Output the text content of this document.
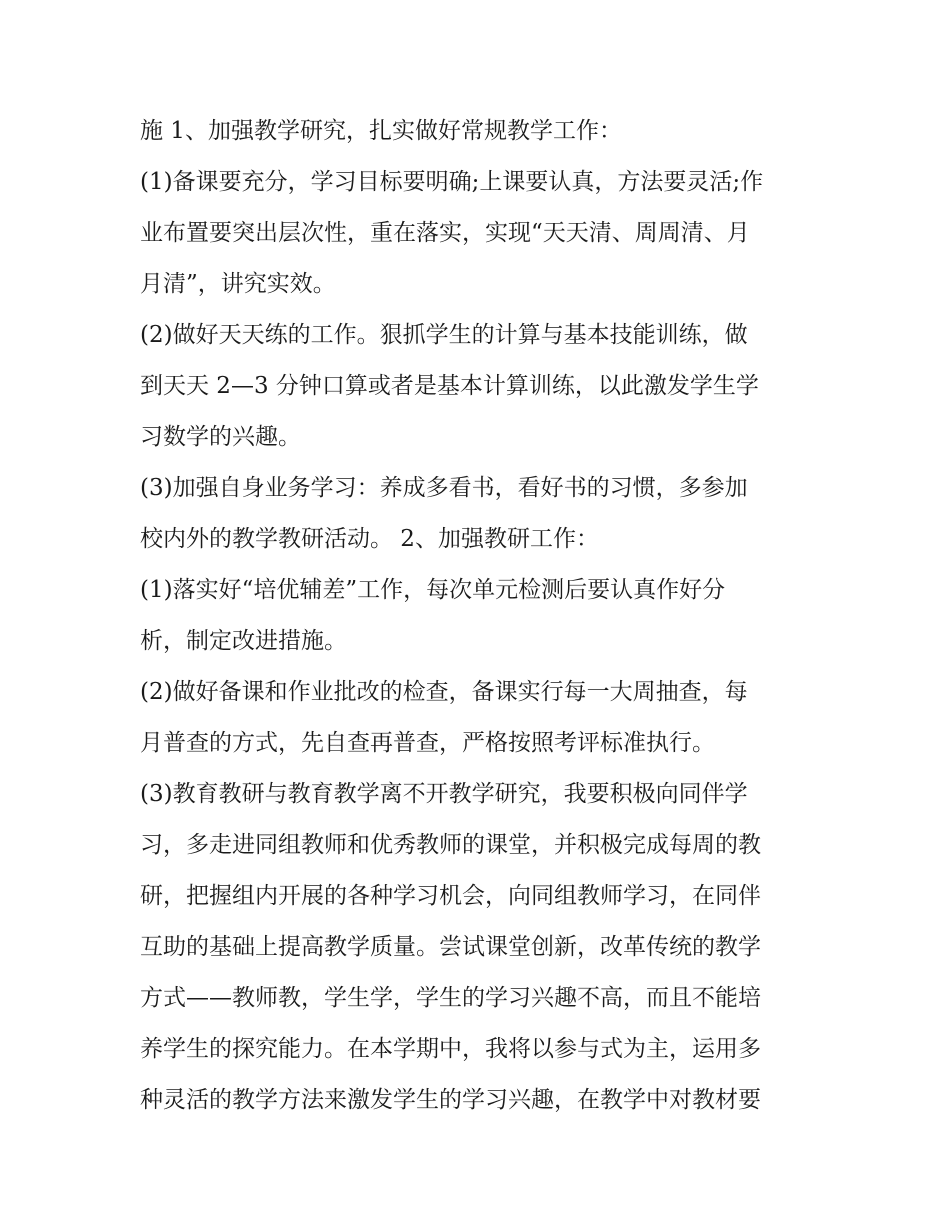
施 1、加强教学研究，扎实做好常规教学工作：
(1)备课要充分，学习目标要明确;上课要认真，方法要灵活;作
业布置要突出层次性，重在落实，实现“天天清、周周清、月
月清”，讲究实效。
(2)做好天天练的工作。狠抓学生的计算与基本技能训练，做
到天天 2—3 分钟口算或者是基本计算训练，以此激发学生学
习数学的兴趣。
(3)加强自身业务学习：养成多看书，看好书的习惯，多参加
校内外的教学教研活动。 2、加强教研工作：
(1)落实好“培优辅差”工作，每次单元检测后要认真作好分
析，制定改进措施。
(2)做好备课和作业批改的检查，备课实行每一大周抽查，每
月普查的方式，先自查再普查，严格按照考评标准执行。
(3)教育教研与教育教学离不开教学研究，我要积极向同伴学
习，多走进同组教师和优秀教师的课堂，并积极完成每周的教
研，把握组内开展的各种学习机会，向同组教师学习，在同伴
互助的基础上提高教学质量。尝试课堂创新，改革传统的教学
方式——教师教，学生学，学生的学习兴趣不高，而且不能培
养学生的探究能力。在本学期中，我将以参与式为主，运用多
种灵活的教学方法来激发学生的学习兴趣，在教学中对教材要
